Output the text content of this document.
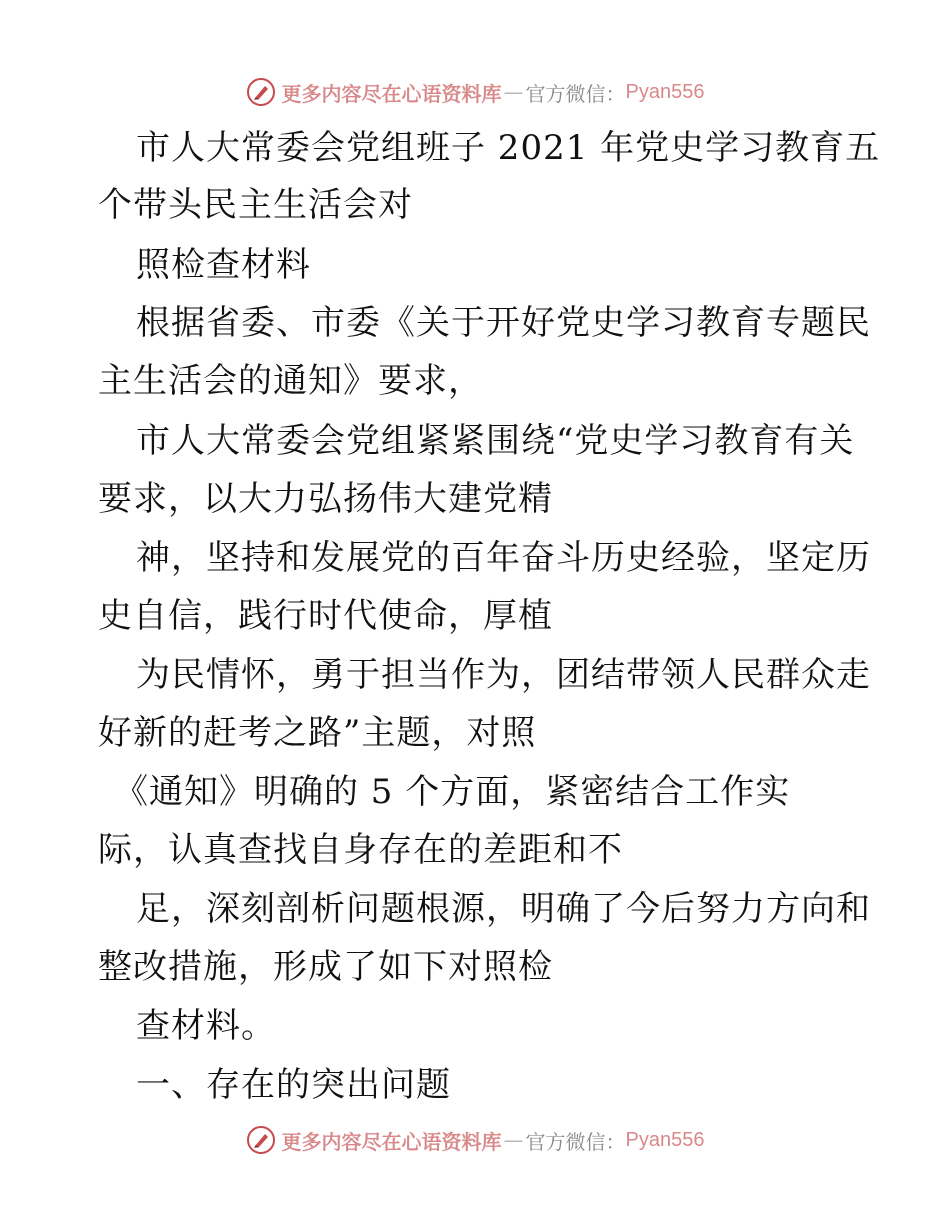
更多内容尽在心语资料库 — 官方微信： Pyan556
市人大常委会党组班子 2021 年党史学习教育五
个带头民主生活会对
照检查材料
根据省委、市委《关于开好党史学习教育专题民
主生活会的通知》要求，
市人大常委会党组紧紧围绕“党史学习教育有关
要求，以大力弘扬伟大建党精
神，坚持和发展党的百年奋斗历史经验，坚定历
史自信，践行时代使命，厚植
为民情怀，勇于担当作为，团结带领人民群众走
好新的赶考之路”主题，对照
《通知》明确的 5 个方面，紧密结合工作实
际，认真查找自身存在的差距和不
足，深刻剖析问题根源，明确了今后努力方向和
整改措施，形成了如下对照检
查材料。
一、存在的突出问题
更多内容尽在心语资料库 — 官方微信： Pyan556
